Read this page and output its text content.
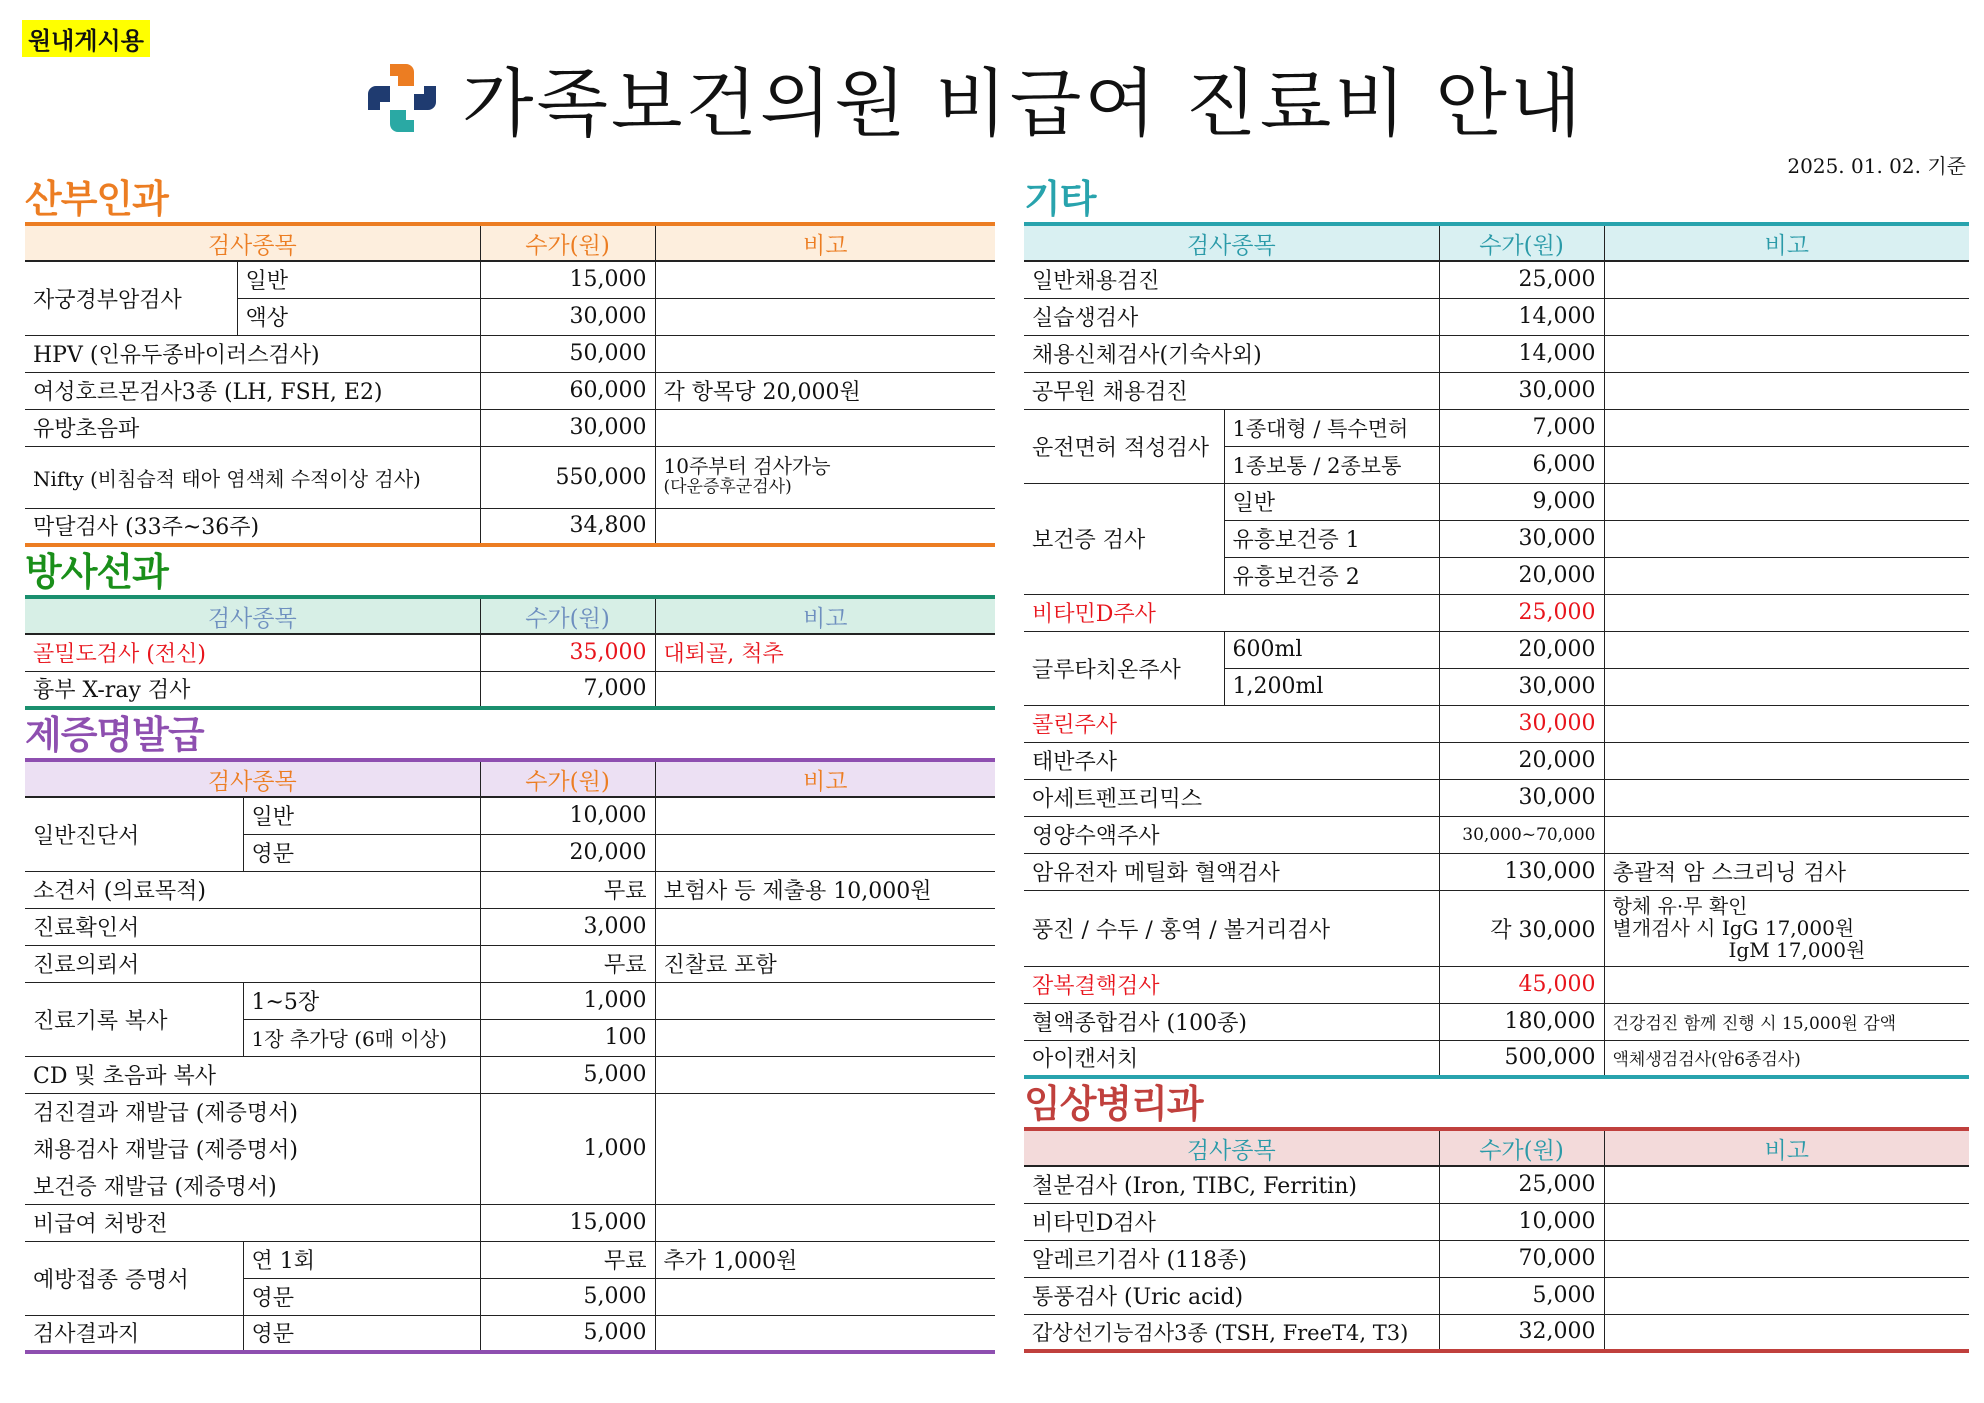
원내게시용
가족보건의원 비급여 진료비 안내
2025. 01. 02. 기준
산부인과
검사종목		수가(원)	비고
자궁경부암검사	일반	15,000	
	액상	30,000	
HPV (인유두종바이러스검사)		50,000	
여성호르몬검사3종 (LH, FSH, E2)		60,000	각 항목당 20,000원
유방초음파		30,000	
Nifty (비침습적 태아 염색체 수적이상 검사)		550,000	10주부터 검사가능
(다운증후군검사)

막달검사 (33주~36주)		34,800	
방사선과
검사종목	수가(원)	비고
골밀도검사 (전신)	35,000	대퇴골, 척추
흉부 X-ray 검사	7,000	
제증명발급
검사종목		수가(원)	비고
일반진단서	일반	10,000	
	영문	20,000	
소견서 (의료목적)		무료	보험사 등 제출용 10,000원
진료확인서		3,000	
진료의뢰서		무료	진찰료 포함
진료기록 복사	1~5장	1,000	
	1장 추가당 (6매 이상)	100	
CD 및 초음파 복사		5,000	
검진결과 재발급 (제증명서)		1,000	
채용검사 재발급 (제증명서)			
보건증 재발급 (제증명서)			
비급여 처방전		15,000	
예방접종 증명서	연 1회	무료	추가 1,000원
	영문	5,000	
검사결과지	영문	5,000	
기타
검사종목		수가(원)	비고
일반채용검진		25,000	
실습생검사		14,000	
채용신체검사(기숙사외)		14,000	
공무원 채용검진		30,000	
운전면허 적성검사	1종대형 / 특수면허	7,000	
	1종보통 / 2종보통	6,000	
보건증 검사	일반	9,000	
	유흥보건증 1	30,000	
	유흥보건증 2	20,000	
비타민D주사		25,000	
글루타치온주사	600ml	20,000	
	1,200ml	30,000	
콜린주사		30,000	
태반주사		20,000	
아세트펜프리믹스		30,000	
영양수액주사		30,000~70,000	
암유전자 메틸화 혈액검사		130,000	총괄적 암 스크리닝 검사
풍진 / 수두 / 홍역 / 볼거리검사		각 30,000	항체 유·무 확인
별개검사 시 IgG 17,000원
IgM 17,000원

잠복결핵검사		45,000	
혈액종합검사 (100종)		180,000	건강검진 함께 진행 시 15,000원 감액
아이캔서치		500,000	액체생검검사(암6종검사)
임상병리과
검사종목	수가(원)	비고
철분검사 (Iron, TIBC, Ferritin)	25,000	
비타민D검사	10,000	
알레르기검사 (118종)	70,000	
통풍검사 (Uric acid)	5,000	
갑상선기능검사3종 (TSH, FreeT4, T3)	32,000	
